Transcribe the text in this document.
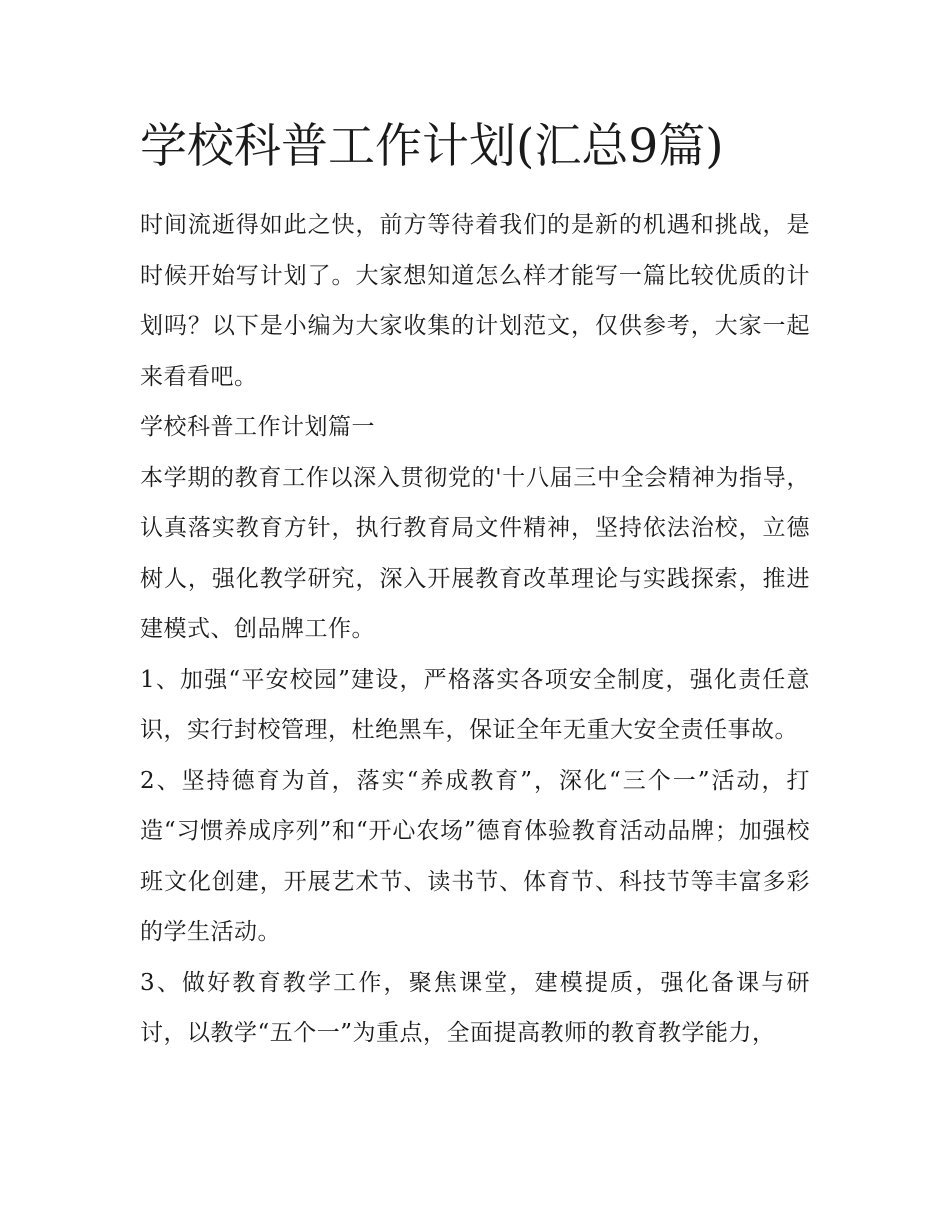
学校科普工作计划(汇总9篇)

时间流逝得如此之快，前方等待着我们的是新的机遇和挑战，是时候开始写计划了。大家想知道怎么样才能写一篇比较优质的计划吗？以下是小编为大家收集的计划范文，仅供参考，大家一起来看看吧。

学校科普工作计划篇一

本学期的教育工作以深入贯彻党的'十八届三中全会精神为指导，认真落实教育方针，执行教育局文件精神，坚持依法治校，立德树人，强化教学研究，深入开展教育改革理论与实践探索，推进建模式、创品牌工作。

1、加强“平安校园”建设，严格落实各项安全制度，强化责任意识，实行封校管理，杜绝黑车，保证全年无重大安全责任事故。

2、坚持德育为首，落实“养成教育”，深化“三个一”活动，打造“习惯养成序列”和“开心农场”德育体验教育活动品牌；加强校班文化创建，开展艺术节、读书节、体育节、科技节等丰富多彩的学生活动。

3、做好教育教学工作，聚焦课堂，建模提质，强化备课与研讨，以教学“五个一”为重点，全面提高教师的教育教学能力，
